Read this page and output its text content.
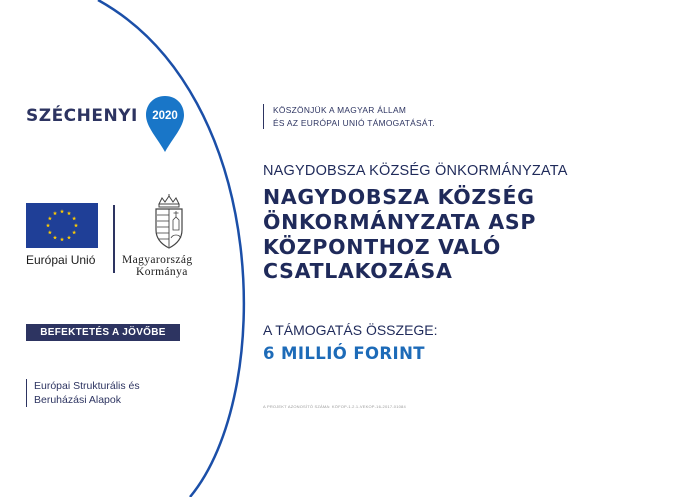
SZÉCHENYI 2020	KÖSZÖNJÜK A MAGYAR ÁLLAM
ÉS AZ EURÓPAI UNIÓ TÁMOGATÁSÁT.
Európai Unió Magyarország
Kormánya
BEFEKTETÉS A JÖVŐBE
Európai Strukturális és
Beruházási Alapok
NAGYDOBSZA KÖZSÉG ÖNKORMÁNYZATA
NAGYDOBSZA KÖZSÉG
ÖNKORMÁNYZATA ASP
KÖZPONTHOZ VALÓ
CSATLAKOZÁSA
A TÁMOGATÁS ÖSSZEGE:
6 MILLIÓ FORINT
A PROJEKT AZONOSÍTÓ SZÁMA: KÖFOP-1.2.1-VEKOP-16-2017-01084
